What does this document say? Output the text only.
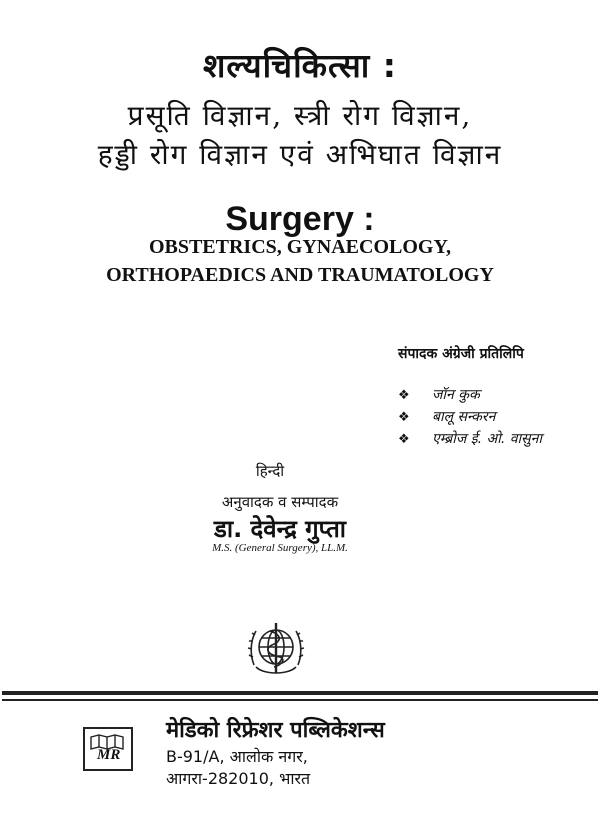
शल्यचिकित्सा :
प्रसूति विज्ञान, स्त्री रोग विज्ञान,
हड्डी रोग विज्ञान एवं अभिघात विज्ञान
Surgery :
OBSTETRICS, GYNAECOLOGY,
ORTHOPAEDICS AND TRAUMATOLOGY
संपादक अंग्रेजी प्रतिलिपि
❖ जॉन कुक
❖ बालू सन्करन
❖ एम्ब्रोज ई. ओ. वासुना
हिन्दी
अनुवादक व सम्पादक
डा. देवेन्द्र गुप्ता
M.S. (General Surgery), LL.M.
MR
मेडिको रिफ्रेशर पब्लिकेशन्स
B-91/A, आलोक नगर,
आगरा-282010, भारत
